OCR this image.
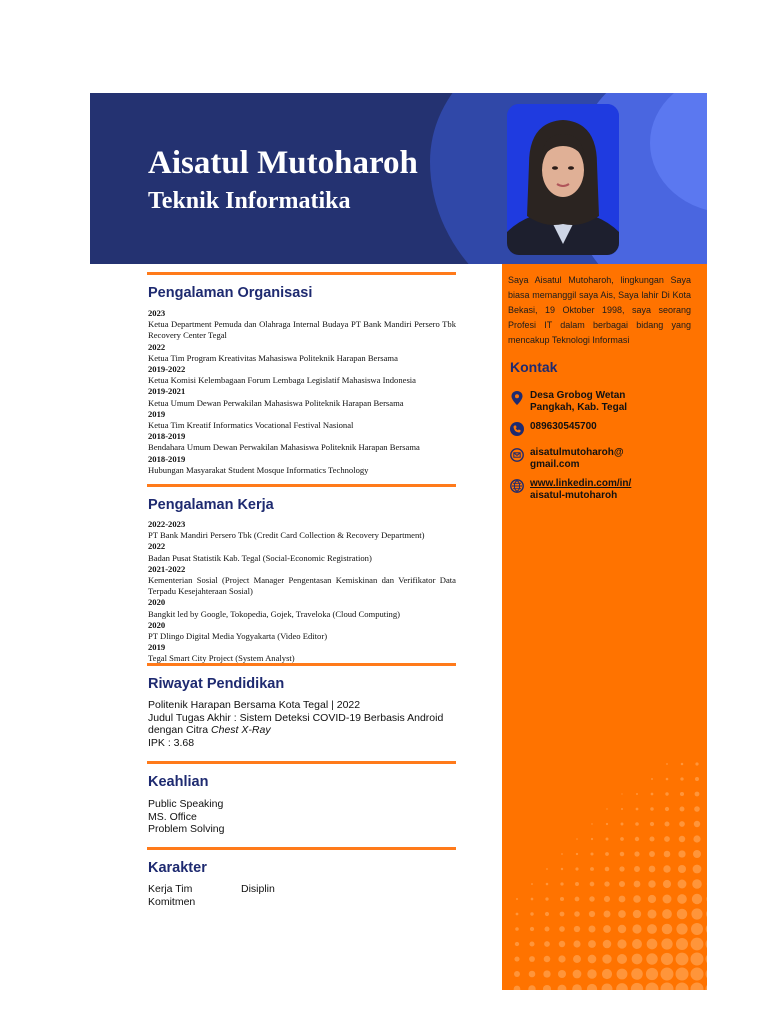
Aisatul Mutoharoh
Teknik Informatika

Saya Aisatul Mutoharoh, lingkungan Saya biasa memanggil saya Ais, Saya lahir Di Kota Bekasi, 19 Oktober 1998, saya seorang Profesi IT dalam berbagai bidang yang mencakup Teknologi Informasi

Kontak
Desa Grobog Wetan
Pangkah, Kab. Tegal
089630545700
aisatulmutoharoh@
gmail.com
www.linkedin.com/in/
aisatul-mutoharoh
Pengalaman Organisasi
2023
Ketua Department Pemuda dan Olahraga Internal Budaya PT Bank Mandiri Persero Tbk Recovery Center Tegal
2022
Ketua Tim Program Kreativitas Mahasiswa Politeknik Harapan Bersama
2019-2022
Ketua Komisi Kelembagaan Forum Lembaga Legislatif Mahasiswa Indonesia
2019-2021
Ketua Umum Dewan Perwakilan Mahasiswa Politeknik Harapan Bersama
2019
Ketua Tim Kreatif Informatics Vocational Festival Nasional
2018-2019
Bendahara Umum Dewan Perwakilan Mahasiswa Politeknik Harapan Bersama
2018-2019
Hubungan Masyarakat Student Mosque Informatics Technology
Pengalaman Kerja
2022-2023
PT Bank Mandiri Persero Tbk (Credit Card Collection & Recovery Department)
2022
Badan Pusat Statistik Kab. Tegal (Social-Economic Registration)
2021-2022
Kementerian Sosial (Project Manager Pengentasan Kemiskinan dan Verifikator Data Terpadu Kesejahteraan Sosial)
2020
Bangkit led by Google, Tokopedia, Gojek, Traveloka (Cloud Computing)
2020
PT Dlingo Digital Media Yogyakarta (Video Editor)
2019
Tegal Smart City Project (System Analyst)
Riwayat Pendidikan
Politenik Harapan Bersama Kota Tegal | 2022
Judul Tugas Akhir : Sistem Deteksi COVID-19 Berbasis Android
dengan Citra Chest X-Ray
IPK : 3.68
Keahlian
Public Speaking
MS. Office
Problem Solving
Karakter
Kerja Tim
Komitmen
Disiplin
